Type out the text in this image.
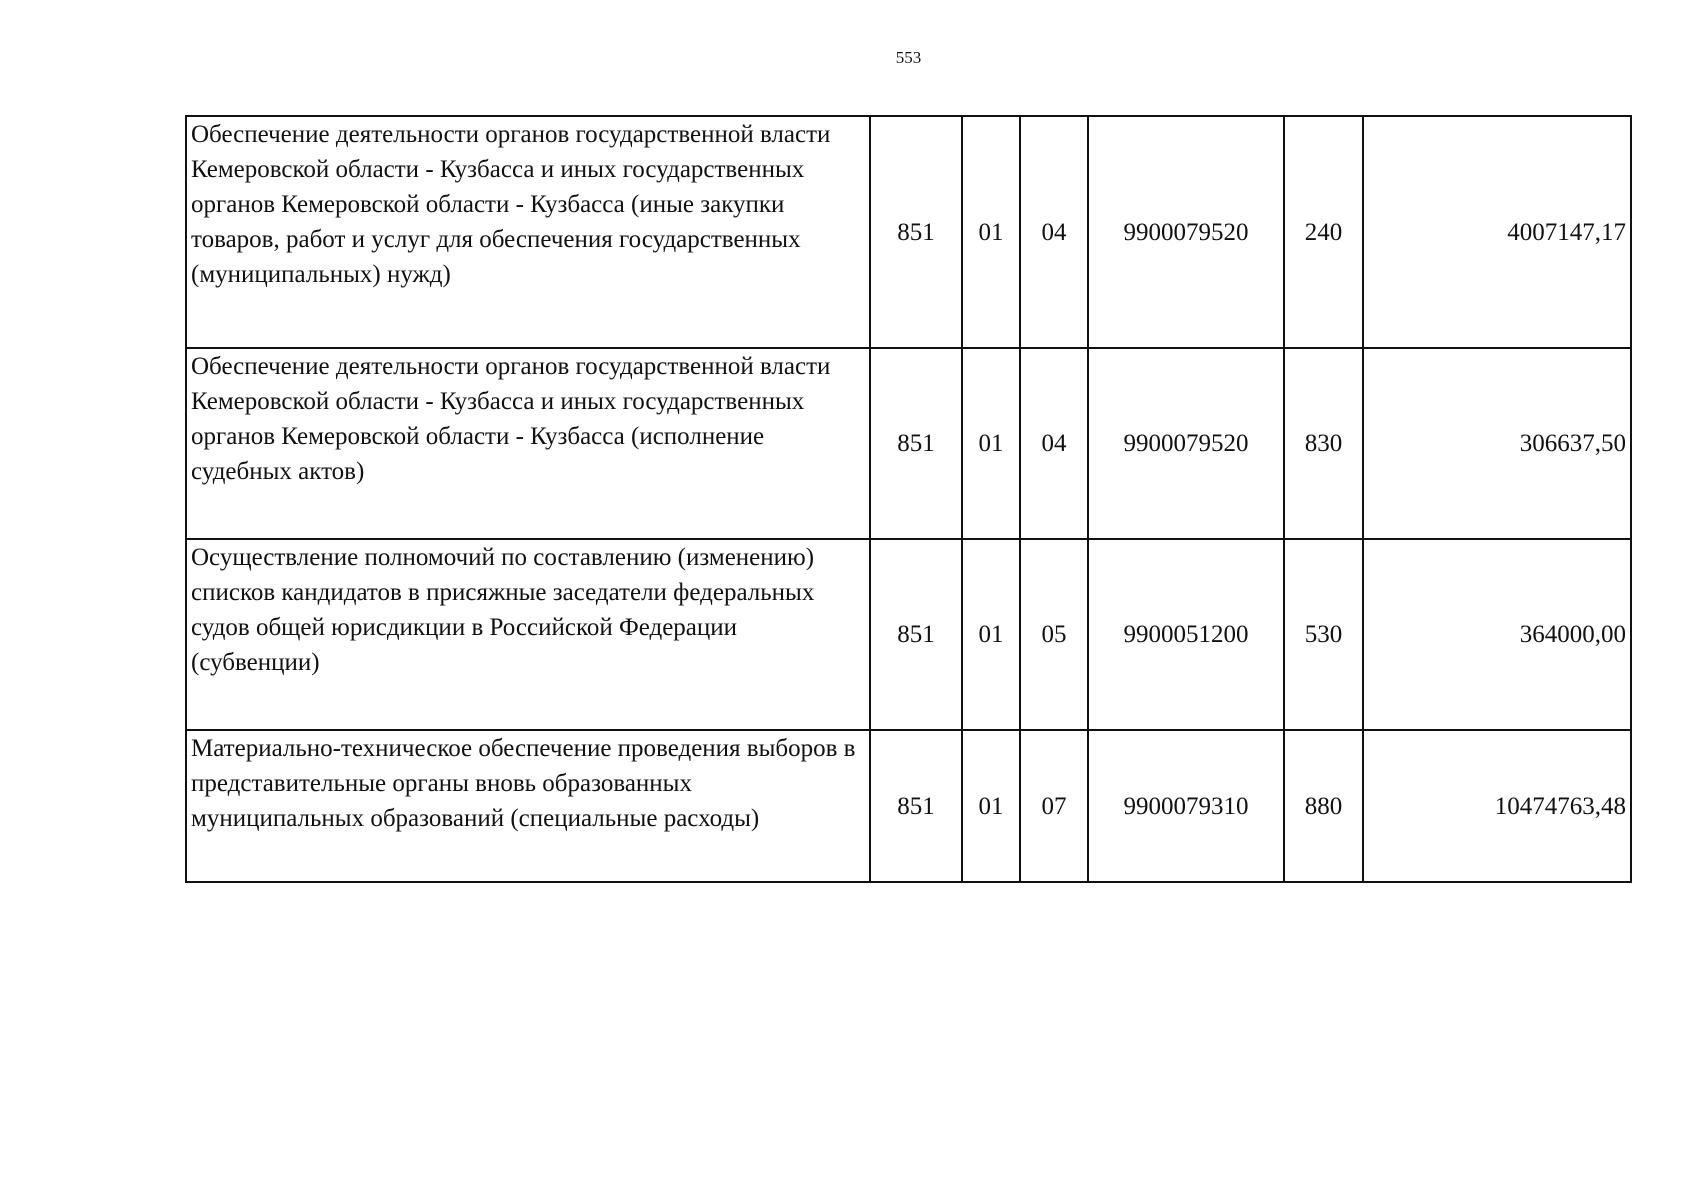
553
Обеспечение деятельности органов государственной власти Кемеровской области - Кузбасса и иных государственных органов Кемеровской области - Кузбасса (иные закупки товаров, работ и услуг для обеспечения государственных (муниципальных) нужд)	851	01	04	9900079520	240	4007147,17
Обеспечение деятельности органов государственной власти Кемеровской области - Кузбасса и иных государственных органов Кемеровской области - Кузбасса (исполнение судебных актов)	851	01	04	9900079520	830	306637,50
Осуществление полномочий по составлению (изменению) списков кандидатов в присяжные заседатели федеральных судов общей юрисдикции в Российской Федерации (субвенции)	851	01	05	9900051200	530	364000,00
Материально-техническое обеспечение проведения выборов в представительные органы вновь образованных муниципальных образований (специальные расходы)	851	01	07	9900079310	880	10474763,48
